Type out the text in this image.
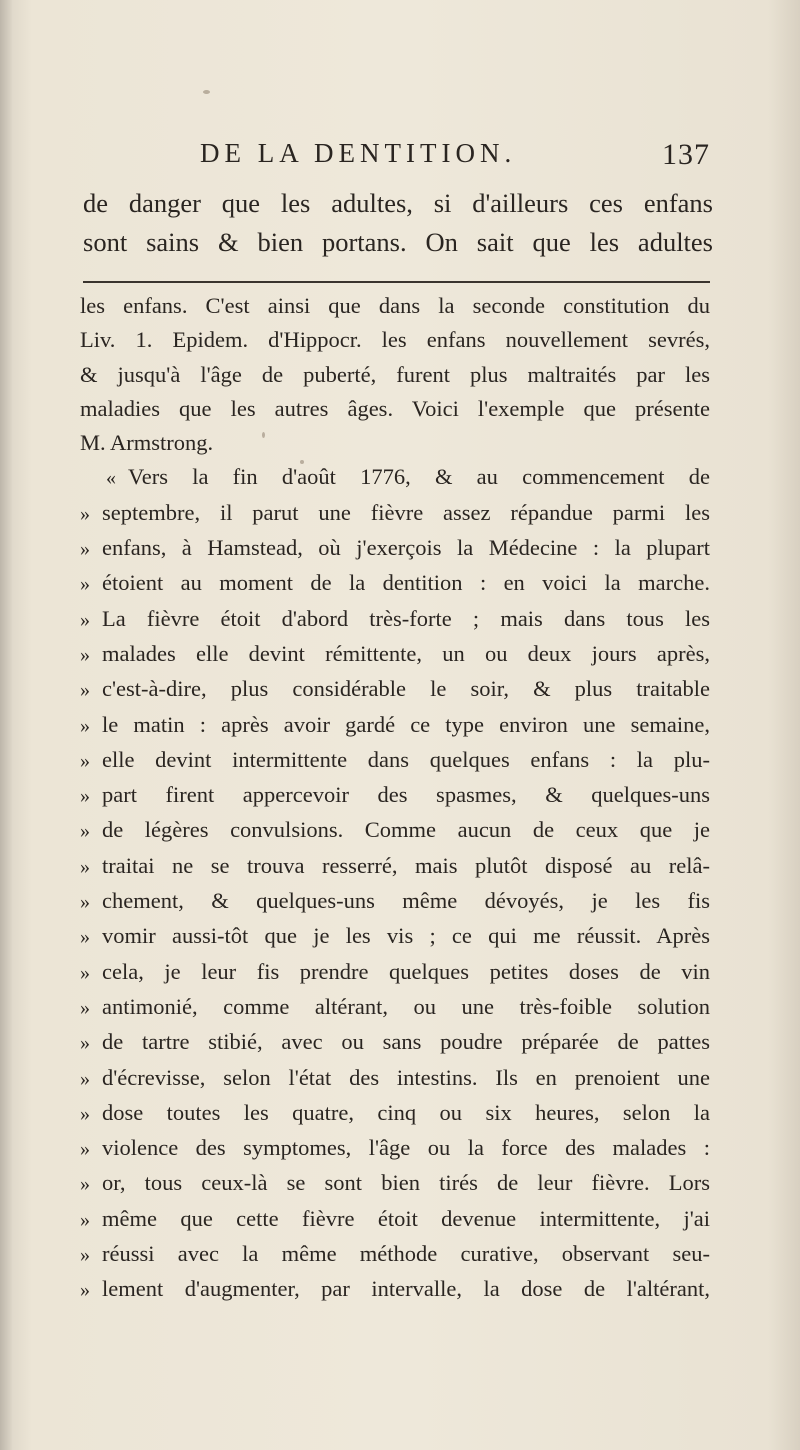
DE LA DENTITION.	137
de danger que les adultes, si d'ailleurs ces enfans
sont sains & bien portans. On sait que les adultes
les enfans. C'est ainsi que dans la seconde constitution du
Liv. 1. Epidem. d'Hippocr. les enfans nouvellement sevrés,
& jusqu'à l'âge de puberté, furent plus maltraités par les
maladies que les autres âges. Voici l'exemple que présente
M. Armstrong.
« Vers la fin d'août 1776, & au commencement de
» septembre, il parut une fièvre assez répandue parmi les
» enfans, à Hamstead, où j'exerçois la Médecine : la plupart
» étoient au moment de la dentition : en voici la marche.
» La fièvre étoit d'abord très-forte ; mais dans tous les
» malades elle devint rémittente, un ou deux jours après,
» c'est-à-dire, plus considérable le soir, & plus traitable
» le matin : après avoir gardé ce type environ une semaine,
» elle devint intermittente dans quelques enfans : la plu-
» part firent appercevoir des spasmes, & quelques-uns
» de légères convulsions. Comme aucun de ceux que je
» traitai ne se trouva resserré, mais plutôt disposé au relâ-
» chement, & quelques-uns même dévoyés, je les fis
» vomir aussi-tôt que je les vis ; ce qui me réussit. Après
» cela, je leur fis prendre quelques petites doses de vin
» antimonié, comme altérant, ou une très-foible solution
» de tartre stibié, avec ou sans poudre préparée de pattes
» d'écrevisse, selon l'état des intestins. Ils en prenoient une
» dose toutes les quatre, cinq ou six heures, selon la
» violence des symptomes, l'âge ou la force des malades :
» or, tous ceux-là se sont bien tirés de leur fièvre. Lors
» même que cette fièvre étoit devenue intermittente, j'ai
» réussi avec la même méthode curative, observant seu-
» lement d'augmenter, par intervalle, la dose de l'altérant,
